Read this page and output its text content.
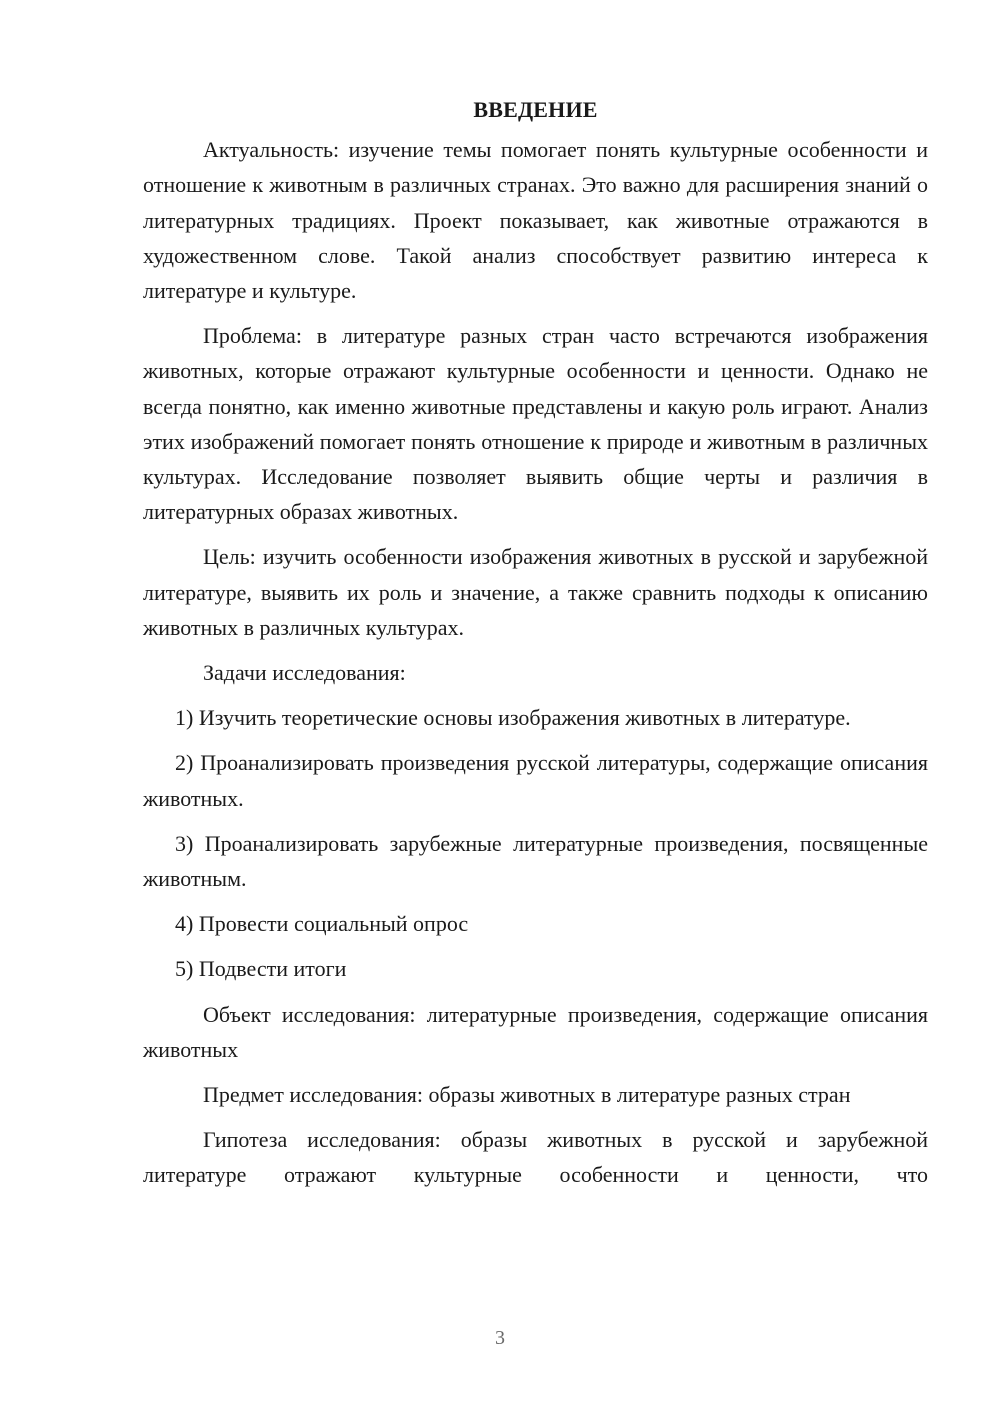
ВВЕДЕНИЕ

Актуальность: изучение темы помогает понять культурные особенности и отношение к животным в различных странах. Это важно для расширения знаний о литературных традициях. Проект показывает, как животные отражаются в художественном слове. Такой анализ способствует развитию интереса к литературе и культуре.

Проблема: в литературе разных стран часто встречаются изображения животных, которые отражают культурные особенности и ценности. Однако не всегда понятно, как именно животные представлены и какую роль играют. Анализ этих изображений помогает понять отношение к природе и животным в различных культурах. Исследование позволяет выявить общие черты и различия в литературных образах животных.

Цель: изучить особенности изображения животных в русской и зарубежной литературе, выявить их роль и значение, а также сравнить подходы к описанию животных в различных культурах.

Задачи исследования:

1) Изучить теоретические основы изображения животных в литературе.

2) Проанализировать произведения русской литературы, содержащие описания животных.

3) Проанализировать зарубежные литературные произведения, посвященные животным.

4) Провести социальный опрос

5) Подвести итоги

Объект исследования: литературные произведения, содержащие описания животных

Предмет исследования: образы животных в литературе разных стран

Гипотеза исследования: образы животных в русской и зарубежной литературе отражают культурные особенности и ценности, что

3
